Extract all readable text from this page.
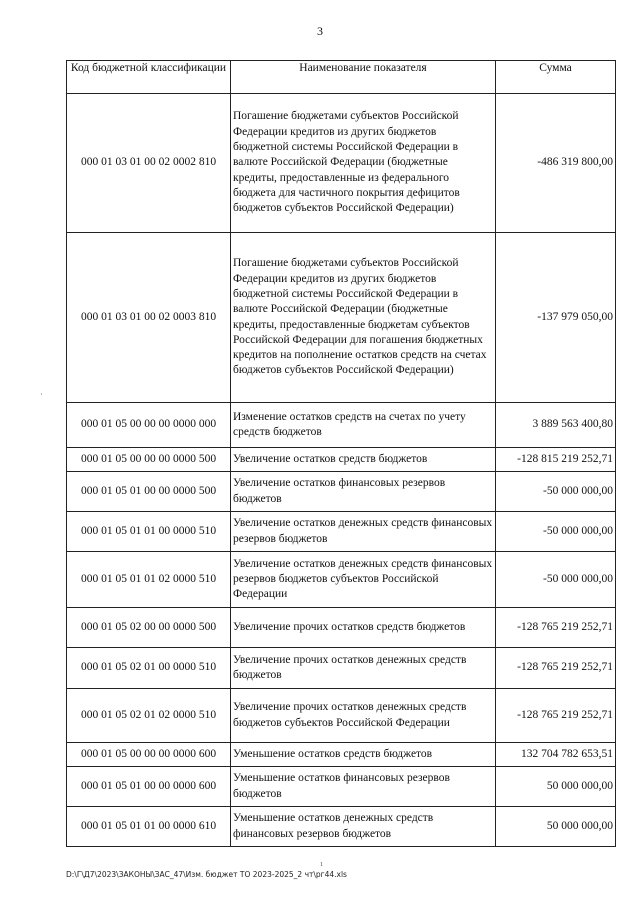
3
Код бюджетной классификации	Наименование показателя	Сумма
000 01 03 01 00 02 0002 810	Погашение бюджетами субъектов Российской Федерации кредитов из других бюджетов бюджетной системы Российской Федерации в валюте Российской Федерации (бюджетные кредиты, предоставленные из федерального бюджета для частичного покрытия дефицитов бюджетов субъектов Российской Федерации)	-486 319 800,00
000 01 03 01 00 02 0003 810	Погашение бюджетами субъектов Российской Федерации кредитов из других бюджетов бюджетной системы Российской Федерации в валюте Российской Федерации (бюджетные кредиты, предоставленные бюджетам субъектов Российской Федерации для погашения бюджетных кредитов на пополнение остатков средств на счетах бюджетов субъектов Российской Федерации)	-137 979 050,00
000 01 05 00 00 00 0000 000	Изменение остатков средств на счетах по учету средств бюджетов	3 889 563 400,80
000 01 05 00 00 00 0000 500	Увеличение остатков средств бюджетов	-128 815 219 252,71
000 01 05 01 00 00 0000 500	Увеличение остатков финансовых резервов бюджетов	-50 000 000,00
000 01 05 01 01 00 0000 510	Увеличение остатков денежных средств финансовых резервов бюджетов	-50 000 000,00
000 01 05 01 01 02 0000 510	Увеличение остатков денежных средств финансовых резервов бюджетов субъектов Российской Федерации	-50 000 000,00
000 01 05 02 00 00 0000 500	Увеличение прочих остатков средств бюджетов	-128 765 219 252,71
000 01 05 02 01 00 0000 510	Увеличение прочих остатков денежных средств бюджетов	-128 765 219 252,71
000 01 05 02 01 02 0000 510	Увеличение прочих остатков денежных средств бюджетов субъектов Российской Федерации	-128 765 219 252,71
000 01 05 00 00 00 0000 600	Уменьшение остатков средств бюджетов	132 704 782 653,51
000 01 05 01 00 00 0000 600	Уменьшение остатков финансовых резервов бюджетов	50 000 000,00
000 01 05 01 01 00 0000 610	Уменьшение остатков денежных средств финансовых резервов бюджетов	50 000 000,00
·
1
D:\Г\Д7\2023\ЗАКОНЫ\ЗАС_47\Изм. бюджет ТО 2023-2025_2 чт\рг44.xls
